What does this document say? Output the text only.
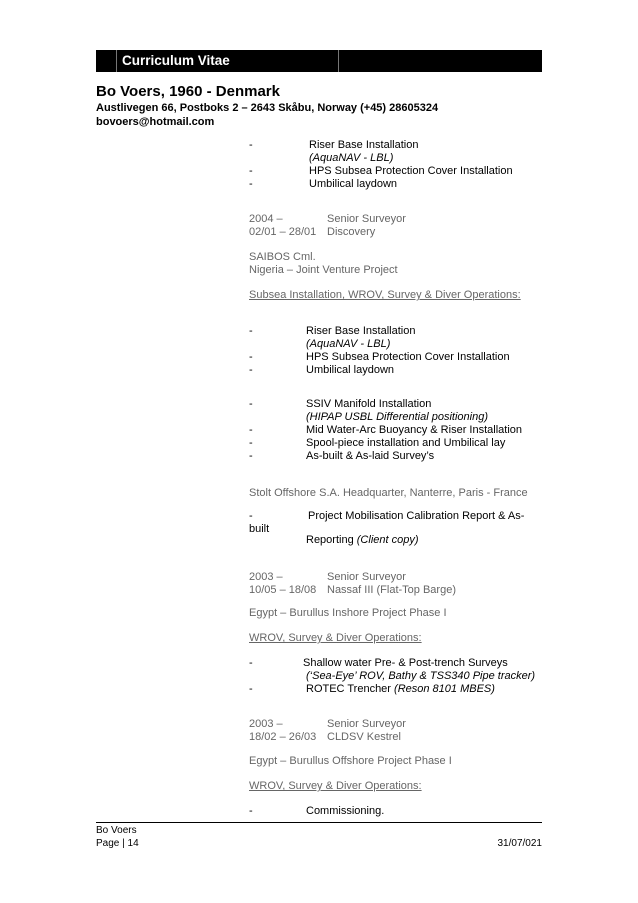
Curriculum Vitae
Bo Voers, 1960 - Denmark
Austlivegen 66, Postboks 2 – 2643 Skåbu, Norway (+45) 28605324
bovoers@hotmail.com
-	Riser Base Installation
(AquaNAV - LBL)
-	HPS Subsea Protection Cover Installation
-	Umbilical laydown
2004 –	Senior Surveyor
02/01 – 28/01 Discovery
SAIBOS Cml.
Nigeria – Joint Venture Project
Subsea Installation, WROV, Survey & Diver Operations:
-	Riser Base Installation
(AquaNAV - LBL)
-	HPS Subsea Protection Cover Installation
-	Umbilical laydown
-	SSIV Manifold Installation
(HIPAP USBL Differential positioning)
-	Mid Water-Arc Buoyancy & Riser Installation
-	Spool-piece installation and Umbilical lay
-	As-built & As-laid Survey’s
Stolt Offshore S.A. Headquarter, Nanterre, Paris - France
-	Project Mobilisation Calibration Report & As-
built
Reporting (Client copy)
2003 –	Senior Surveyor
10/05 – 18/08 Nassaf III (Flat-Top Barge)
Egypt – Burullus Inshore Project Phase I
WROV, Survey & Diver Operations:
-	Shallow water Pre- & Post-trench Surveys
(‘Sea-Eye’ ROV, Bathy & TSS340 Pipe tracker)
-	ROTEC Trencher (Reson 8101 MBES)
2003 –	Senior Surveyor
18/02 – 26/03 CLDSV Kestrel
Egypt – Burullus Offshore Project Phase I
WROV, Survey & Diver Operations:
-	Commissioning.
Bo Voers
Page | 14	31/07/021
